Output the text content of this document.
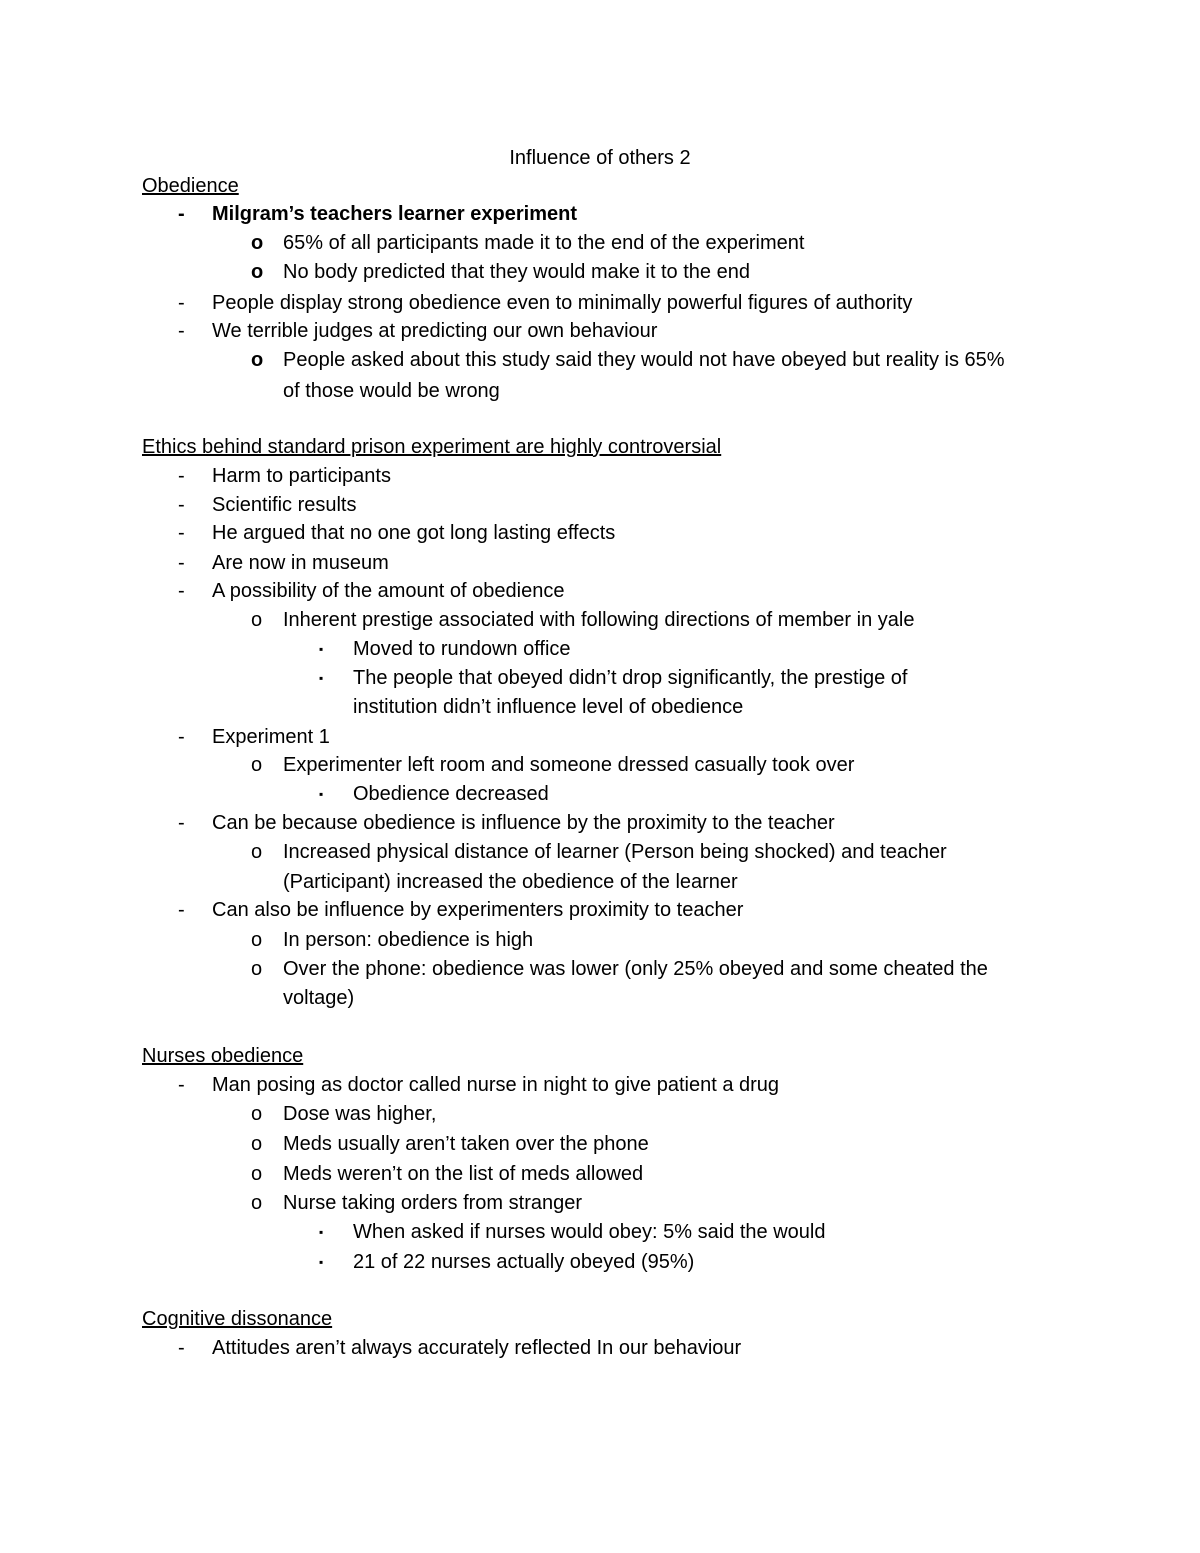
Influence of others 2
Obedience
- Milgram’s teachers learner experiment
o 65% of all participants made it to the end of the experiment
o No body predicted that they would make it to the end
- People display strong obedience even to minimally powerful figures of authority
- We terrible judges at predicting our own behaviour
o People asked about this study said they would not have obeyed but reality is 65%
of those would be wrong
Ethics behind standard prison experiment are highly controversial
- Harm to participants
- Scientific results
- He argued that no one got long lasting effects
- Are now in museum
- A possibility of the amount of obedience
o Inherent prestige associated with following directions of member in yale
▪ Moved to rundown office
▪ The people that obeyed didn’t drop significantly, the prestige of
institution didn’t influence level of obedience
- Experiment 1
o Experimenter left room and someone dressed casually took over
▪ Obedience decreased
- Can be because obedience is influence by the proximity to the teacher
o Increased physical distance of learner (Person being shocked) and teacher
(Participant) increased the obedience of the learner
- Can also be influence by experimenters proximity to teacher
o In person: obedience is high
o Over the phone: obedience was lower (only 25% obeyed and some cheated the
voltage)
Nurses obedience
- Man posing as doctor called nurse in night to give patient a drug
o Dose was higher,
o Meds usually aren’t taken over the phone
o Meds weren’t on the list of meds allowed
o Nurse taking orders from stranger
▪ When asked if nurses would obey: 5% said the would
▪ 21 of 22 nurses actually obeyed (95%)
Cognitive dissonance
- Attitudes aren’t always accurately reflected In our behaviour
